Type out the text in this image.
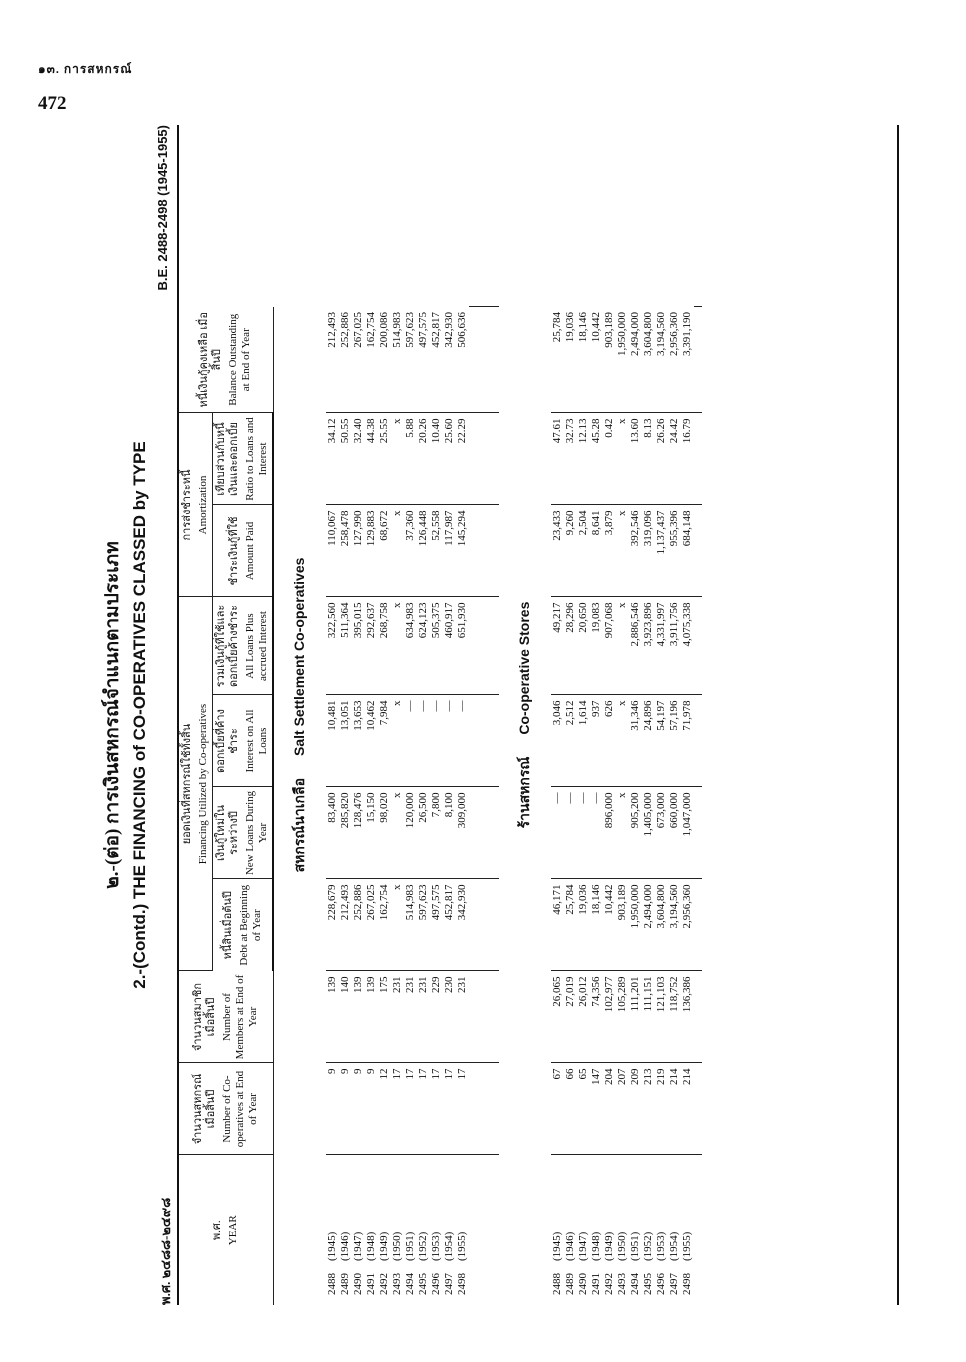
๑๓. การสหกรณ์
472
๒.-(ต่อ) การเงินสหกรณ์จำแนกตามประเภท 2.-(Contd.) THE FINANCING of CO-OPERATIVES CLASSED by TYPE
พ.ศ. ๒๔๘๘-๒๔๙๘
B.E. 2488-2498 (1945-1955)
พ.ศ. YEAR	จำนวนสหกรณ์ เมื่อสิ้นปี Number of Co-operatives at End of Year	จำนวนสมาชิก เมื่อสิ้นปี Number of Members at End of Year	ยอดเงินที่สหกรณ์ใช้ทั้งสิ้น Financing Utilized by Co-operatives				การส่งชำระหนี้ Amortization		หนี้เงินกู้คงเหลือ เมื่อสิ้นปี Balance Outstanding at End of Year	

			หนี้สินเมื่อต้นปี Debt at Beginning of Year	เงินกู้ใหม่ในระหว่างปี New Loans During Year	ดอกเบี้ยที่ค้างชำระ Interest on All Loans	รวมเงินกู้ที่ใช้และดอกเบี้ยค้างชำระ All Loans Plus accrued Interest	ชำระเงินกู้ที่ใช้ Amount Paid	เทียบส่วนกับหนี้เงินและดอกเบี้ย Ratio to Loans and Interest		

สหกรณ์นาเกลือSalt Settlement Co-operatives										
2488(1945)	9	139	228,679	83,400	10,481	322,560	110,067	34.12	212,493	
2489(1946)	9	140	212,493	285,820	13,051	511,364	258,478	50.55	252,886	
2490(1947)	9	139	252,886	128,476	13,653	395,015	127,990	32.40	267,025	
2491(1948)	9	139	267,025	15,150	10,462	292,637	129,883	44.38	162,754	
2492(1949)	12	175	162,754	98,020	7,984	268,758	68,672	25.55	200,086	
2493(1950)	17	231	x	x	x	x	x	x	514,983	
2494(1951)	17	231	514,983	120,000	—	634,983	37,360	5.88	597,623	
2495(1952)	17	231	597,623	26,500	—	624,123	126,448	20.26	497,575	
2496(1953)	17	229	497,575	7,800	—	505,375	52,558	10.40	452,817	
2497(1954)	17	230	452,817	8,100	—	460,917	117,987	25.60	342,930	
2498(1955)	17	231	342,930	309,000	—	651,930	145,294	22.29	506,636	

ร้านสหกรณ์Co-operative Stores										
2488(1945)	67	26,065	46,171	—	3,046	49,217	23,433	47.61	25,784	
2489(1946)	66	27,019	25,784	—	2,512	28,296	9,260	32.73	19,036	
2490(1947)	65	26,012	19,036	—	1,614	20,650	2,504	12.13	18,146	
2491(1948)	147	74,356	18,146	—	937	19,083	8,641	45.28	10,442	
2492(1949)	204	102,977	10,442	896,000	626	907,068	3,879	0.42	903,189	
2493(1950)	207	105,289	903,189	x	x	x	x	x	1,950,000	
2494(1951)	209	111,201	1,950,000	905,200	31,346	2,886,546	392,546	13.60	2,494,000	
2495(1952)	213	111,151	2,494,000	1,405,000	24,896	3,923,896	319,096	8.13	3,604,800	
2496(1953)	219	121,103	3,604,800	673,000	54,197	4,331,997	1,137,437	26.26	3,194,560	
2497(1954)	214	118,752	3,194,560	660,000	57,196	3,911,756	955,396	24.42	2,956,360	
2498(1955)	214	136,386	2,956,360	1,047,000	71,978	4,075,338	684,148	16.79	3,391,190	
